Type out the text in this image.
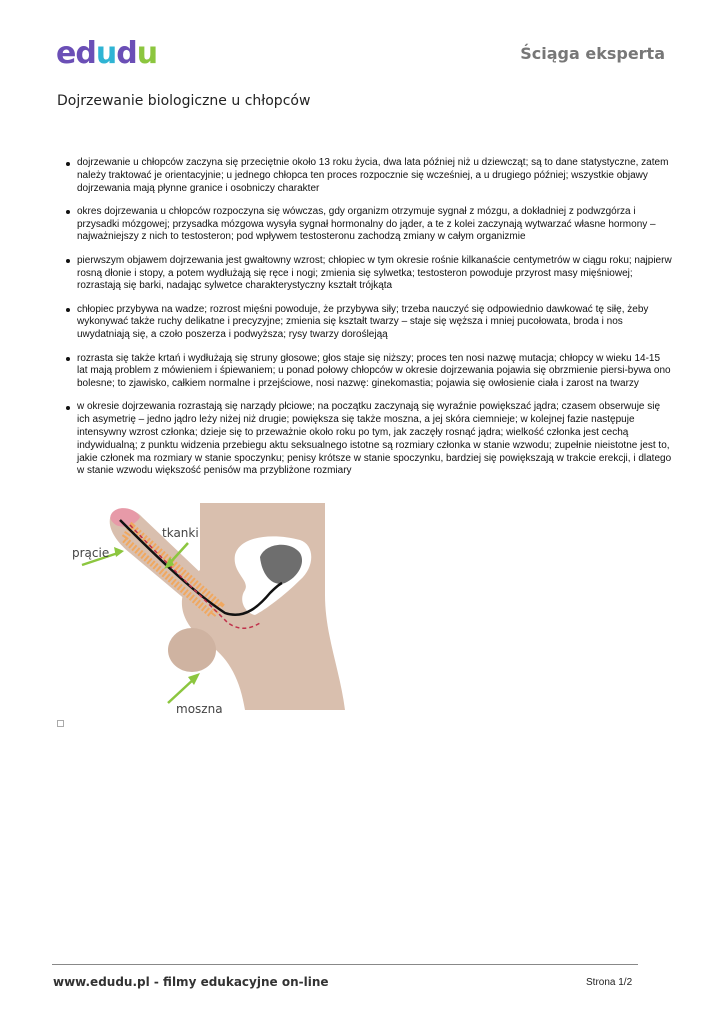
edudu	Ściąga eksperta
Dojrzewanie biologiczne u chłopców
dojrzewanie u chłopców zaczyna się przeciętnie około 13 roku życia, dwa lata później niż u dziewcząt; są to dane statystyczne, zatem należy traktować je orientacyjnie; u jednego chłopca ten proces rozpocznie się wcześniej, a u drugiego później; wszystkie objawy dojrzewania mają płynne granice i osobniczy charakter
okres dojrzewania u chłopców rozpoczyna się wówczas, gdy organizm otrzymuje sygnał z mózgu, a dokładniej z podwzgórza i przysadki mózgowej; przysadka mózgowa wysyła sygnał hormonalny do jąder, a te z kolei zaczynają wytwarzać własne hormony – najważniejszy z nich to testosteron; pod wpływem testosteronu zachodzą zmiany w całym organizmie
pierwszym objawem dojrzewania jest gwałtowny wzrost; chłopiec w tym okresie rośnie kilkanaście centymetrów w ciągu roku; najpierw rosną dłonie i stopy, a potem wydłużają się ręce i nogi; zmienia się sylwetka; testosteron powoduje przyrost masy mięśniowej; rozrastają się barki, nadając sylwetce charakterystyczny kształt trójkąta
chłopiec przybywa na wadze; rozrost mięśni powoduje, że przybywa siły; trzeba nauczyć się odpowiednio dawkować tę siłę, żeby wykonywać także ruchy delikatne i precyzyjne; zmienia się kształt twarzy – staje się węższa i mniej pucołowata, broda i nos uwydatniają się, a czoło poszerza i podwyższa; rysy twarzy doroślejąą
rozrasta się także krtań i wydłużają się struny głosowe; głos staje się niższy; proces ten nosi nazwę mutacja; chłopcy w wieku 14-15 lat mają problem z mówieniem i śpiewaniem; u ponad połowy chłopców w okresie dojrzewania pojawia się obrzmienie piersi-bywa ono bolesne; to zjawisko, całkiem normalne i przejściowe, nosi nazwę: ginekomastia; pojawia się owłosienie ciała i zarost na twarzy
w okresie dojrzewania rozrastają się narządy płciowe; na początku zaczynają się wyraźnie powiększać jądra; czasem obserwuje się ich asymetrię – jedno jądro leży niżej niż drugie; powiększa się także moszna, a jej skóra ciemnieje; w kolejnej fazie następuje intensywny wzrost członka; dzieje się to przeważnie około roku po tym, jak zaczęły rosnąć jądra; wielkość członka jest cechą indywidualną; z punktu widzenia przebiegu aktu seksualnego istotne są rozmiary członka w stanie wzwodu; zupełnie nieistotne jest to, jakie członek ma rozmiary w stanie spoczynku; penisy krótsze w stanie spoczynku, bardziej się powiększają w trakcie erekcji, i dlatego w stanie wzwodu większość penisów ma przybliżone rozmiary
tkanki
prącie
moszna
www.edudu.pl - filmy edukacyjne on-line	Strona 1/2
